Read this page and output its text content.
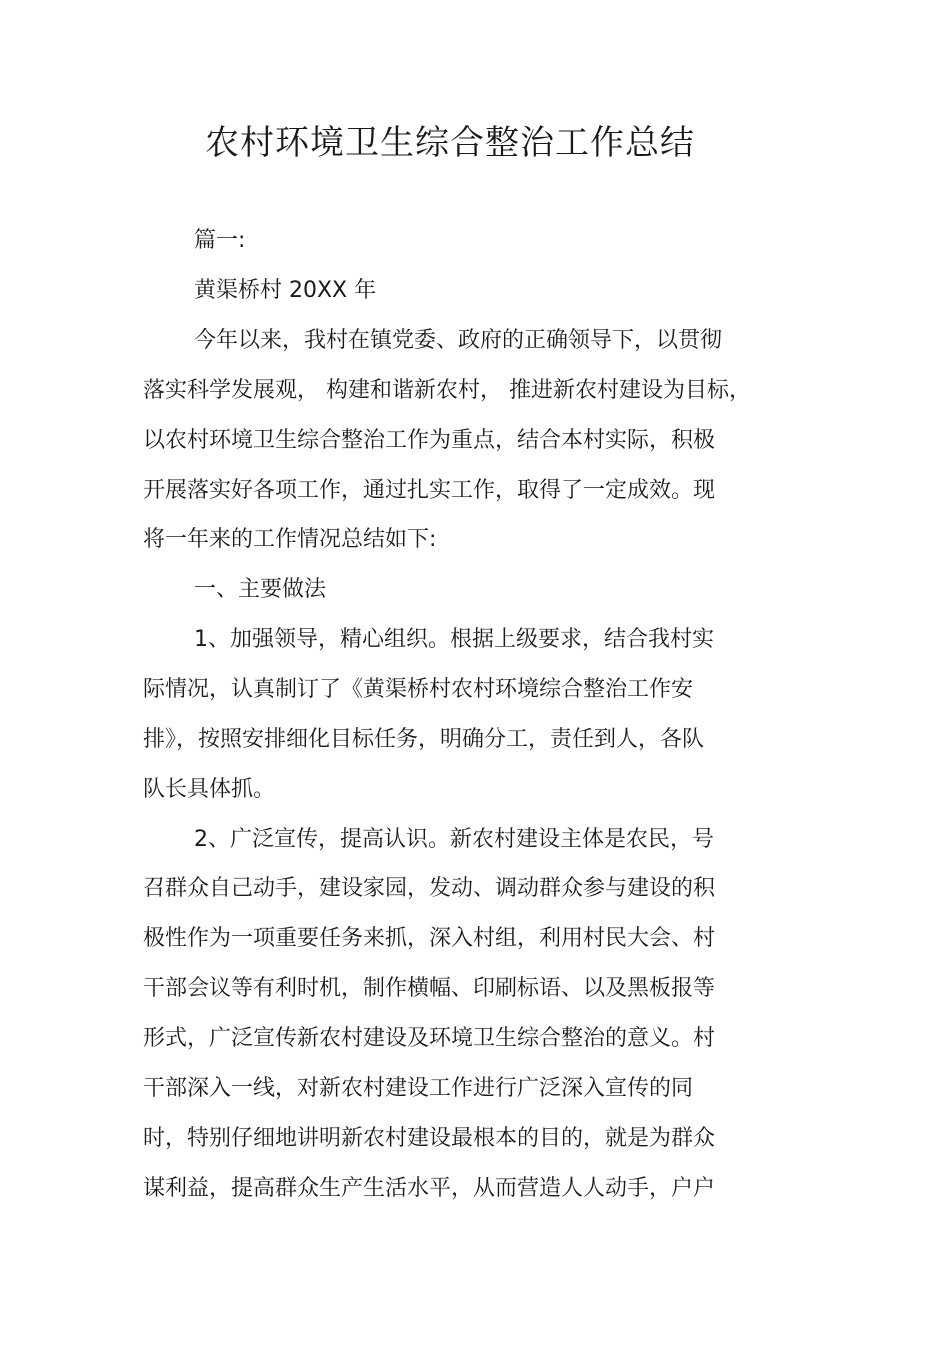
农村环境卫生综合整治工作总结
篇一:
黄渠桥村 20XX 年
今年以来，我村在镇党委、政府的正确领导下，以贯彻
落实科学发展观， 构建和谐新农村， 推进新农村建设为目标，
以农村环境卫生综合整治工作为重点，结合本村实际，积极
开展落实好各项工作，通过扎实工作，取得了一定成效。现
将一年来的工作情况总结如下:
一、主要做法
1、加强领导，精心组织。根据上级要求，结合我村实
际情况，认真制订了《黄渠桥村农村环境综合整治工作安
排》，按照安排细化目标任务，明确分工，责任到人，各队
队长具体抓。
2、广泛宣传，提高认识。新农村建设主体是农民，号
召群众自己动手，建设家园，发动、调动群众参与建设的积
极性作为一项重要任务来抓，深入村组，利用村民大会、村
干部会议等有利时机，制作横幅、印刷标语、以及黑板报等
形式，广泛宣传新农村建设及环境卫生综合整治的意义。村
干部深入一线，对新农村建设工作进行广泛深入宣传的同
时，特别仔细地讲明新农村建设最根本的目的，就是为群众
谋利益，提高群众生产生活水平，从而营造人人动手，户户
